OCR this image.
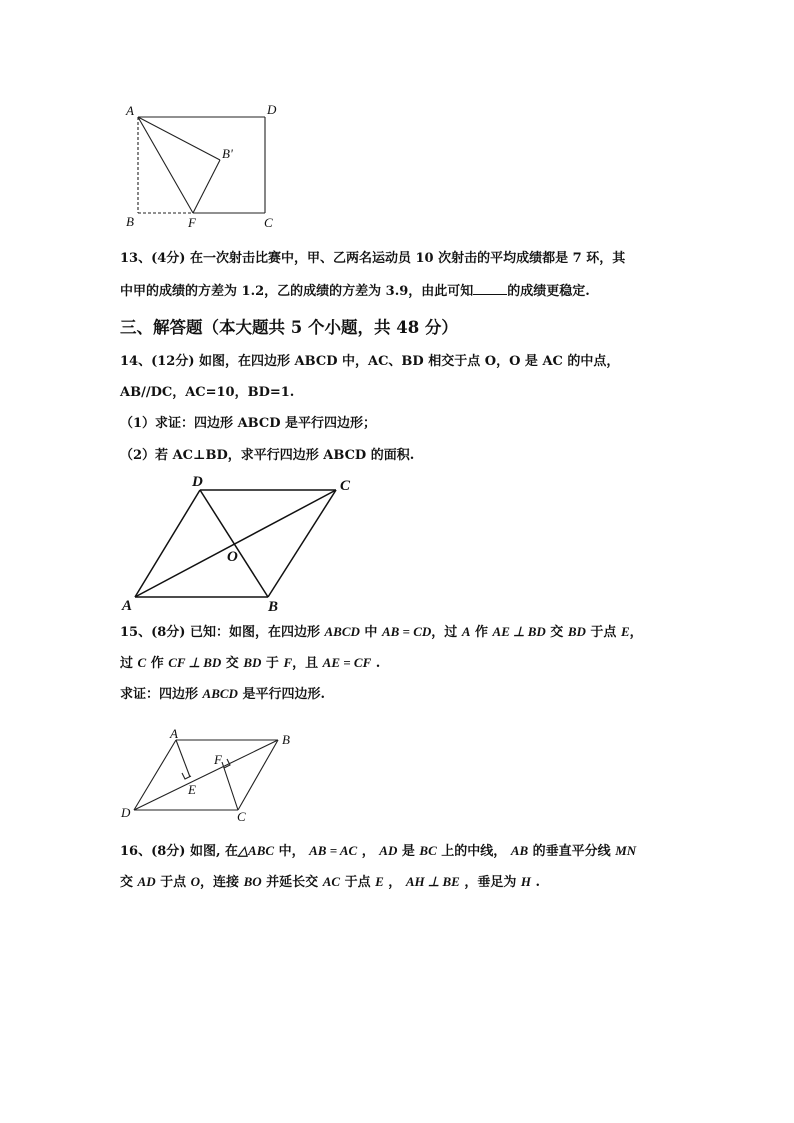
A	D
B'
B	F	C
13、(4分) 在一次射击比赛中，甲、乙两名运动员 10 次射击的平均成绩都是 7 环，其
中甲的成绩的方差为 1.2，乙的成绩的方差为 3.9，由此可知	的成绩更稳定.
三、解答题（本大题共 5 个小题，共 48 分）
14、(12分) 如图，在四边形 ABCD 中，AC、BD 相交于点 O，O 是 AC 的中点，
AB//DC，AC=10，BD=1.
（1）求证：四边形 ABCD 是平行四边形；
（2）若 AC⊥BD，求平行四边形 ABCD 的面积.
D	C
O
A	B
15、(8分) 已知：如图，在四边形 ABCD 中 AB = CD，过 A 作 AE ⊥ BD 交 BD 于点 E，
过 C 作 CF ⊥ BD 交 BD 于 F，且 AE = CF .
求证：四边形 ABCD 是平行四边形.
A	B
F
E
D	C
16、(8分) 如图, 在△ABC 中， AB = AC ， AD 是 BC 上的中线， AB 的垂直平分线 MN
交 AD 于点 O，连接 BO 并延长交 AC 于点 E ， AH ⊥ BE ，垂足为 H .
